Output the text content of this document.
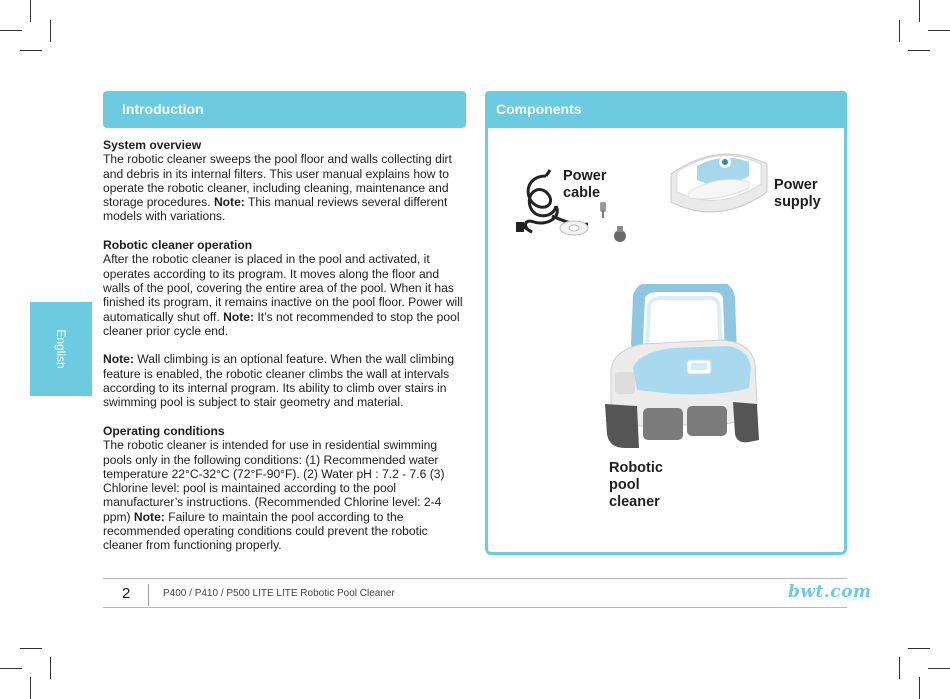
Introduction

System overview
The robotic cleaner sweeps the pool floor and walls collecting dirt and debris in its internal filters. This user manual explains how to operate the robotic cleaner, including cleaning, maintenance and storage procedures. Note: This manual reviews several different models with variations.

Robotic cleaner operation
After the robotic cleaner is placed in the pool and activated, it operates according to its program. It moves along the floor and walls of the pool, covering the entire area of the pool. When it has finished its program, it remains inactive on the pool floor. Power will automatically shut off. Note: It’s not recommended to stop the pool cleaner prior cycle end.

Note: Wall climbing is an optional feature. When the wall climbing feature is enabled, the robotic cleaner climbs the wall at intervals according to its internal program. Its ability to climb over stairs in swimming pool is subject to stair geometry and material.

Operating conditions
The robotic cleaner is intended for use in residential swimming pools only in the following conditions: (1) Recommended water temperature 22°C-32°C (72°F-90°F). (2) Water pH : 7.2 - 7.6 (3) Chlorine level: pool is maintained according to the pool manufacturer’s instructions. (Recommended Chlorine level: 2-4 ppm) Note: Failure to maintain the pool according to the recommended operating conditions could prevent the robotic cleaner from functioning properly.

English
Components
Power
cable	Power
supply
Robotic
pool
cleaner
2	P400 / P410 / P500 LITE LITE Robotic Pool Cleaner	bwt.com
